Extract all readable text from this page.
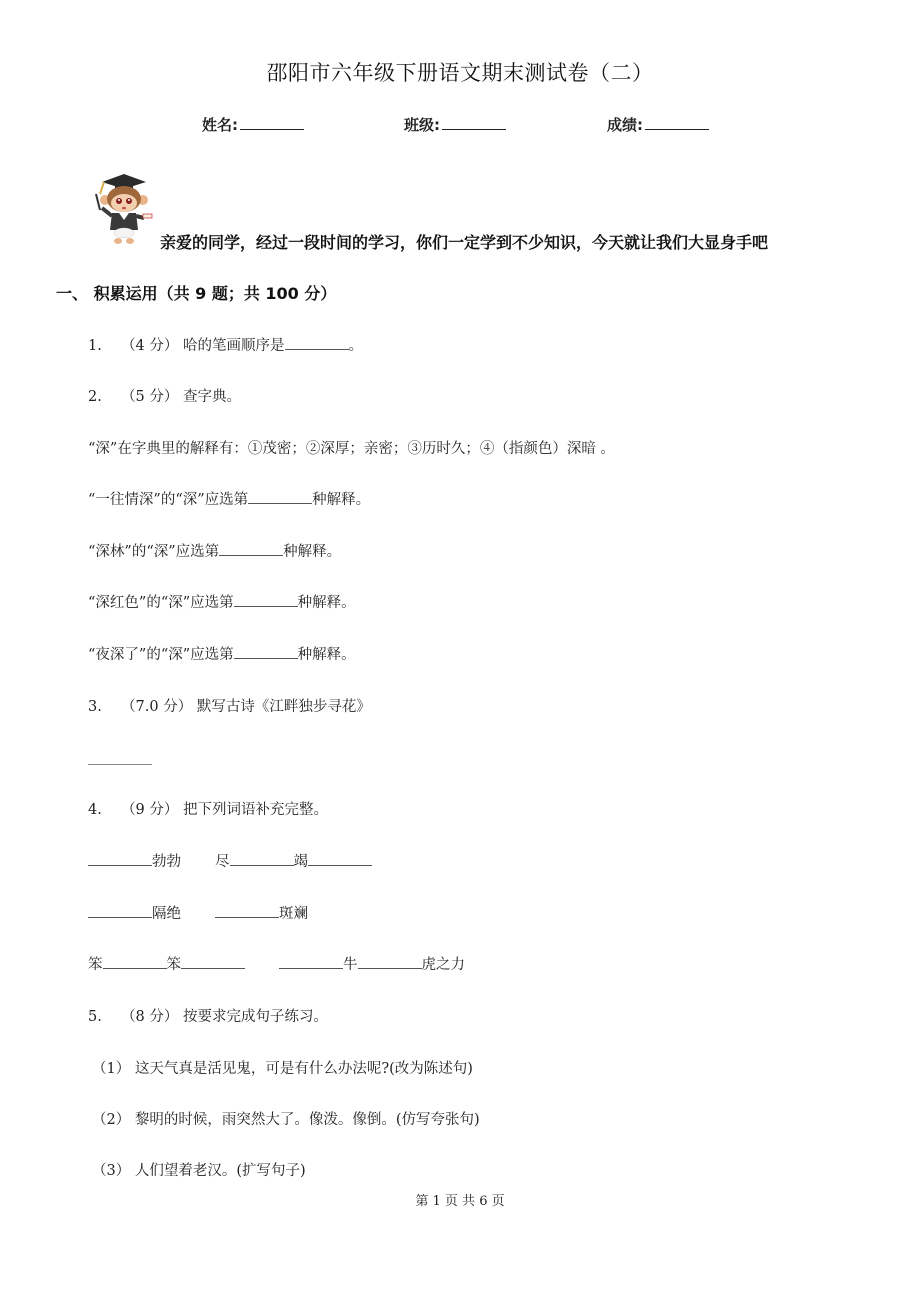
邵阳市六年级下册语文期末测试卷（二）
姓名:	班级:	成绩:
亲爱的同学，经过一段时间的学习，你们一定学到不少知识，今天就让我们大显身手吧
一、 积累运用（共 9 题；共 100 分）
1. （4 分） 哈的笔画顺序是	。
2. （5 分） 查字典。
“深”在字典里的解释有：①茂密；②深厚；亲密；③历时久；④（指颜色）深暗 。
“一往情深”的“深”应选第	种解释。
“深林”的“深”应选第	种解释。
“深红色”的“深”应选第	种解释。
“夜深了”的“深”应选第	种解释。
3. （7.0 分） 默写古诗《江畔独步寻花》
4. （9 分） 把下列词语补充完整。
勃勃 尽	竭
隔绝	斑斓
笨	笨	牛	虎之力
5. （8 分） 按要求完成句子练习。
（1） 这天气真是活见鬼，可是有什么办法呢?(改为陈述句)
（2） 黎明的时候，雨突然大了。像泼。像倒。(仿写夸张句)
（3） 人们望着老汉。(扩写句子)
第 1 页 共 6 页
